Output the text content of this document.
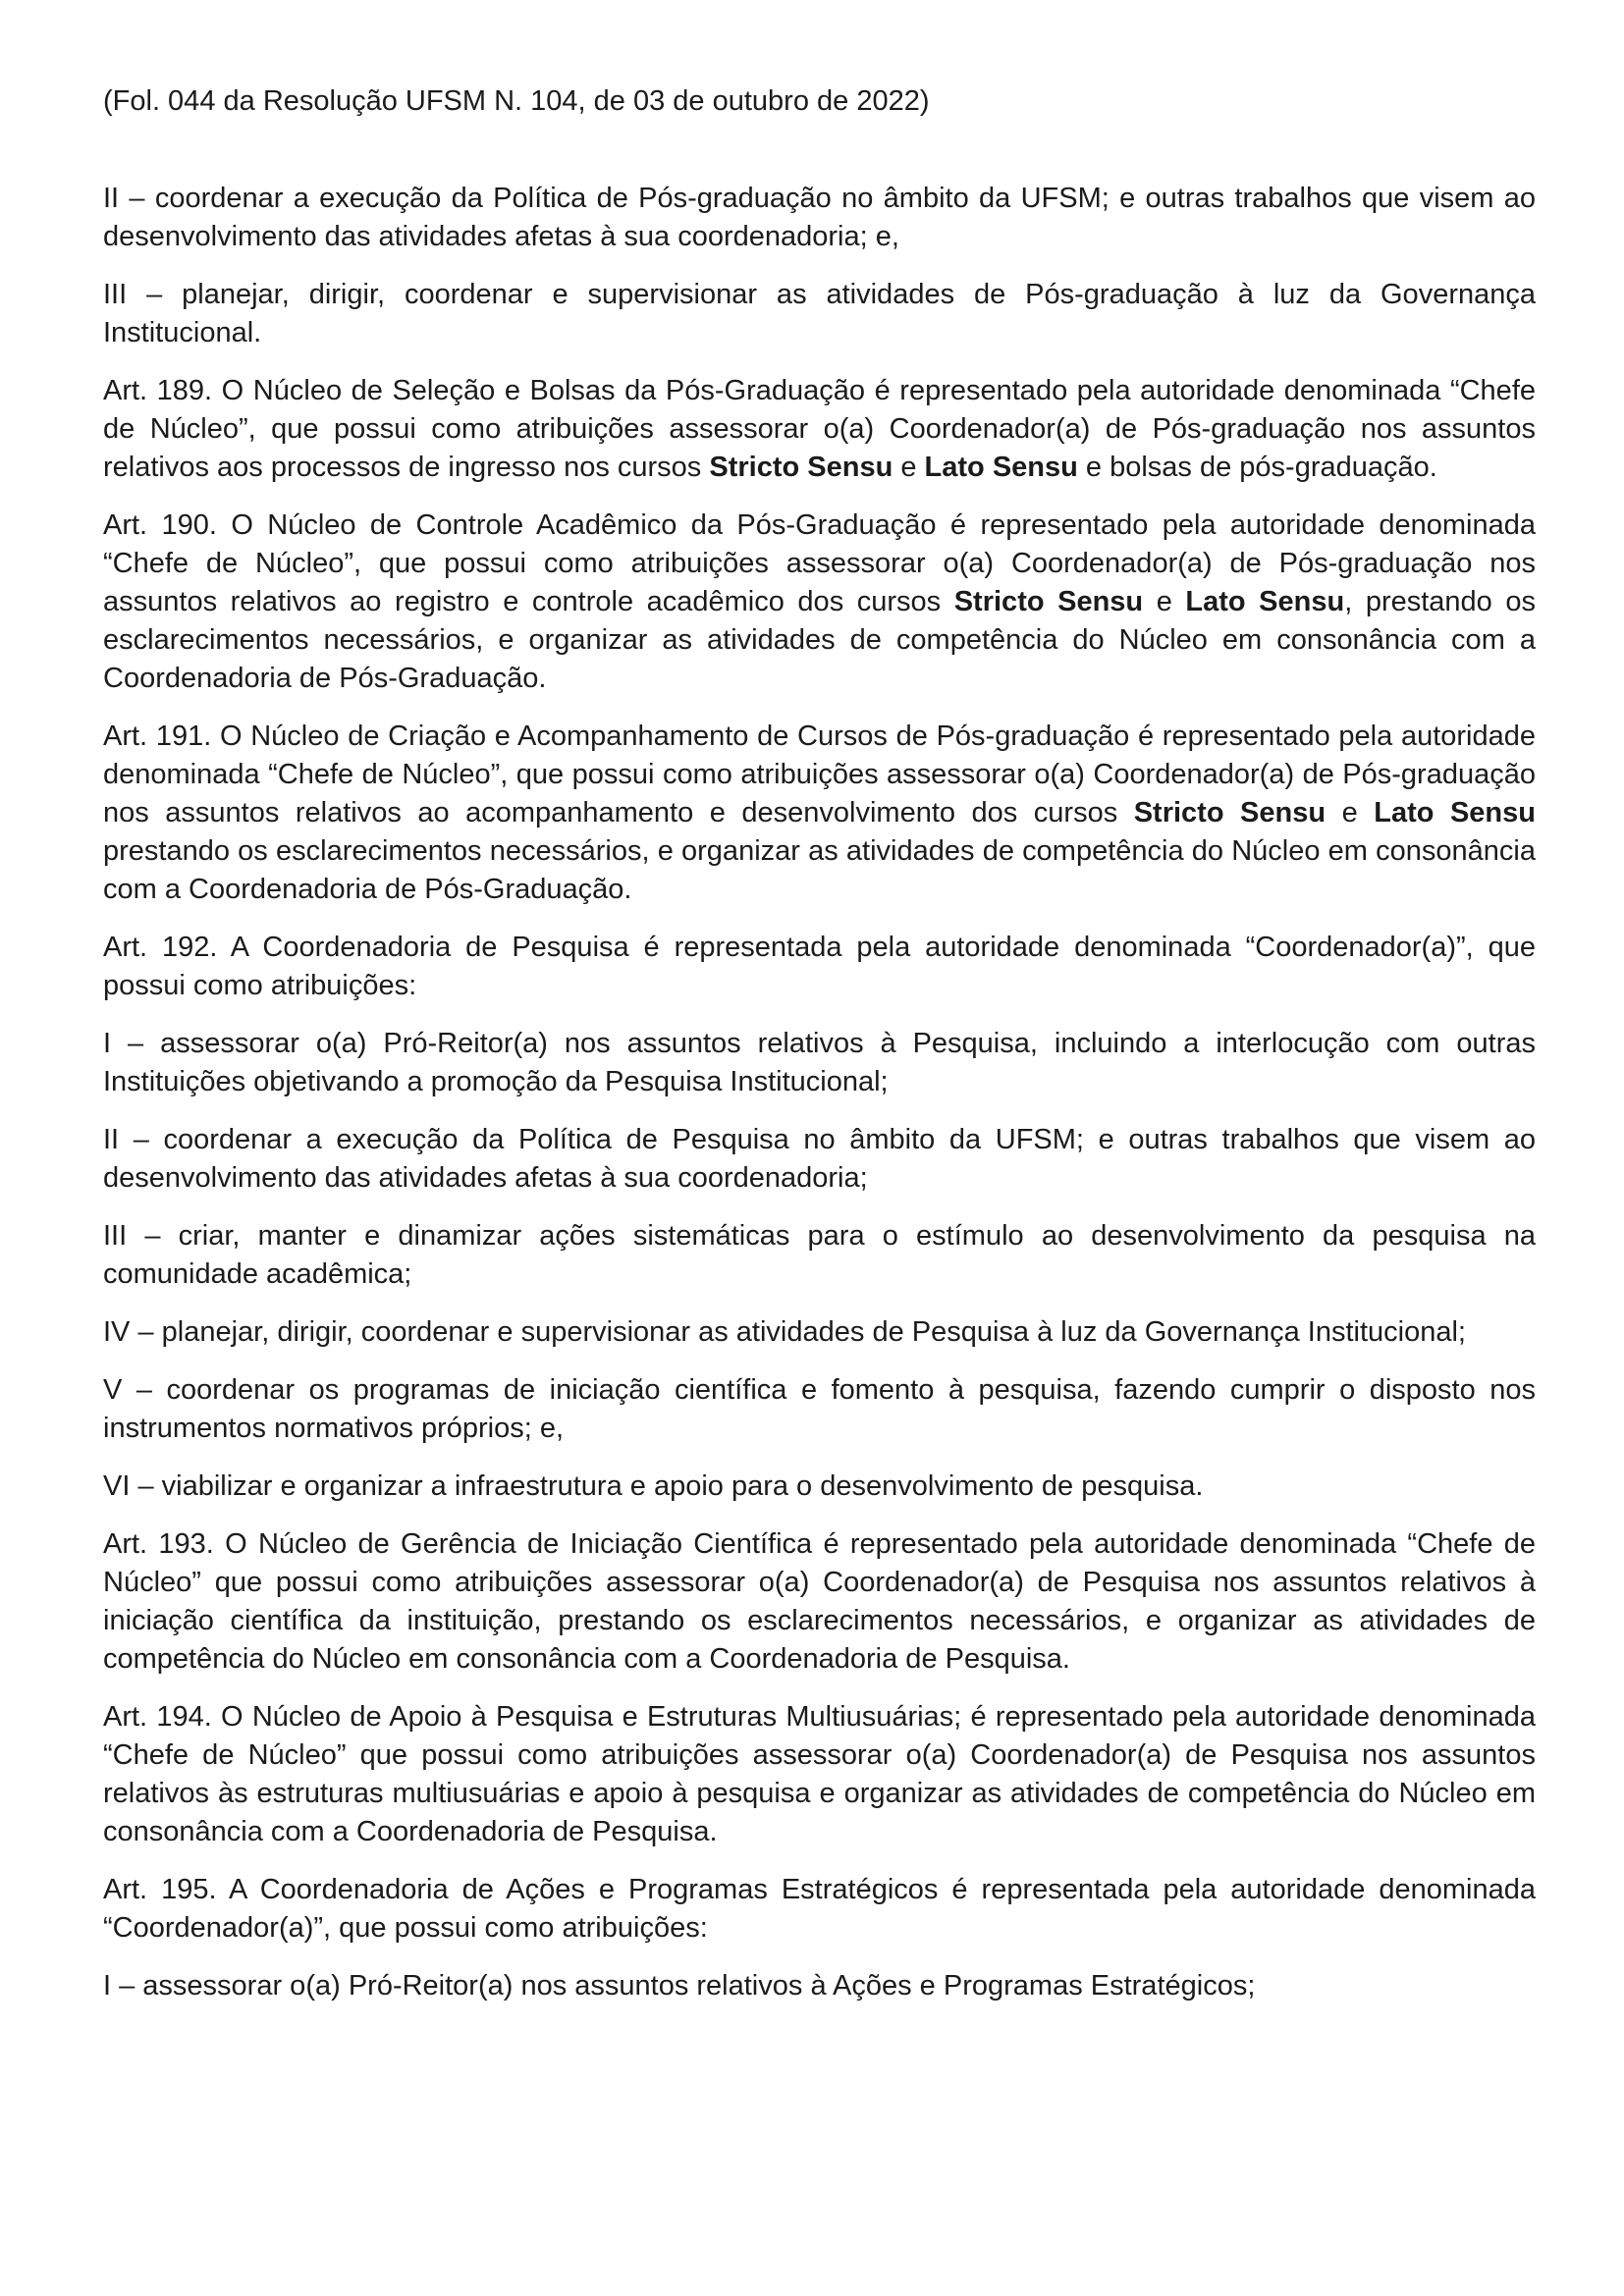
(Fol. 044 da Resolução UFSM N. 104, de 03 de outubro de 2022)

II – coordenar a execução da Política de Pós-graduação no âmbito da UFSM; e outras trabalhos que visem ao desenvolvimento das atividades afetas à sua coordenadoria; e,

III – planejar, dirigir, coordenar e supervisionar as atividades de Pós-graduação à luz da Governança Institucional.

Art. 189. O Núcleo de Seleção e Bolsas da Pós-Graduação é representado pela autoridade denominada “Chefe de Núcleo”, que possui como atribuições assessorar o(a) Coordenador(a) de Pós-graduação nos assuntos relativos aos processos de ingresso nos cursos Stricto Sensu e Lato Sensu e bolsas de pós-graduação.

Art. 190. O Núcleo de Controle Acadêmico da Pós-Graduação é representado pela autoridade denominada “Chefe de Núcleo”, que possui como atribuições assessorar o(a) Coordenador(a) de Pós-graduação nos assuntos relativos ao registro e controle acadêmico dos cursos Stricto Sensu e Lato Sensu, prestando os esclarecimentos necessários, e organizar as atividades de competência do Núcleo em consonância com a Coordenadoria de Pós-Graduação.

Art. 191. O Núcleo de Criação e Acompanhamento de Cursos de Pós-graduação é representado pela autoridade denominada “Chefe de Núcleo”, que possui como atribuições assessorar o(a) Coordenador(a) de Pós-graduação nos assuntos relativos ao acompanhamento e desenvolvimento dos cursos Stricto Sensu e Lato Sensu prestando os esclarecimentos necessários, e organizar as atividades de competência do Núcleo em consonância com a Coordenadoria de Pós-Graduação.

Art. 192. A Coordenadoria de Pesquisa é representada pela autoridade denominada “Coordenador(a)”, que possui como atribuições:

I – assessorar o(a) Pró-Reitor(a) nos assuntos relativos à Pesquisa, incluindo a interlocução com outras Instituições objetivando a promoção da Pesquisa Institucional;

II – coordenar a execução da Política de Pesquisa no âmbito da UFSM; e outras trabalhos que visem ao desenvolvimento das atividades afetas à sua coordenadoria;

III – criar, manter e dinamizar ações sistemáticas para o estímulo ao desenvolvimento da pesquisa na comunidade acadêmica;

IV – planejar, dirigir, coordenar e supervisionar as atividades de Pesquisa à luz da Governança Institucional;

V – coordenar os programas de iniciação científica e fomento à pesquisa, fazendo cumprir o disposto nos instrumentos normativos próprios; e,

VI – viabilizar e organizar a infraestrutura e apoio para o desenvolvimento de pesquisa.

Art. 193. O Núcleo de Gerência de Iniciação Científica é representado pela autoridade denominada “Chefe de Núcleo” que possui como atribuições assessorar o(a) Coordenador(a) de Pesquisa nos assuntos relativos à iniciação científica da instituição, prestando os esclarecimentos necessários, e organizar as atividades de competência do Núcleo em consonância com a Coordenadoria de Pesquisa.

Art. 194. O Núcleo de Apoio à Pesquisa e Estruturas Multiusuárias; é representado pela autoridade denominada “Chefe de Núcleo” que possui como atribuições assessorar o(a) Coordenador(a) de Pesquisa nos assuntos relativos às estruturas multiusuárias e apoio à pesquisa e organizar as atividades de competência do Núcleo em consonância com a Coordenadoria de Pesquisa.

Art. 195. A Coordenadoria de Ações e Programas Estratégicos é representada pela autoridade denominada “Coordenador(a)”, que possui como atribuições:

I – assessorar o(a) Pró-Reitor(a) nos assuntos relativos à Ações e Programas Estratégicos;
